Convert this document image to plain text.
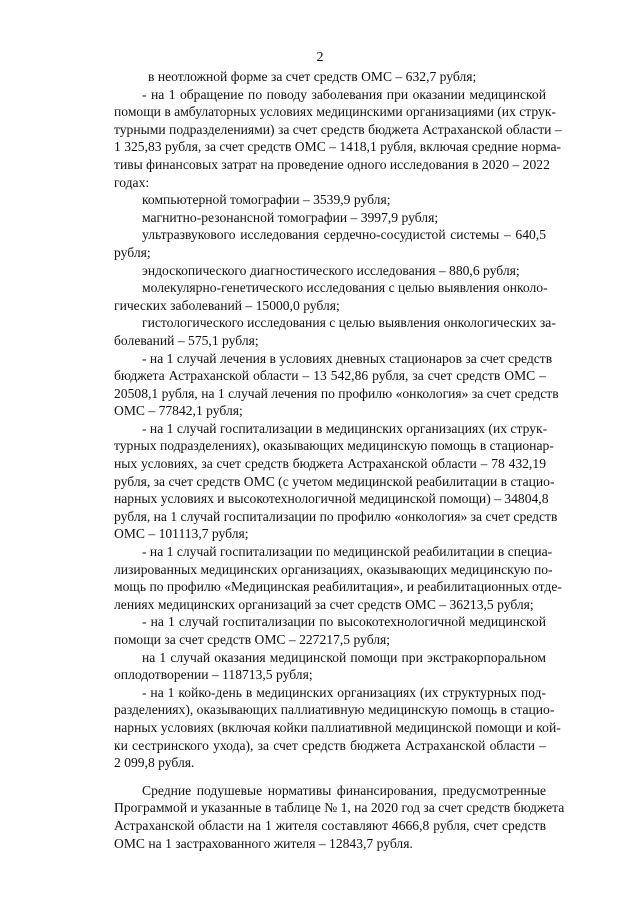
2
в неотложной форме за счет средств ОМС – 632,7 рубля;
- на 1 обращение по поводу заболевания при оказании медицинской
помощи в амбулаторных условиях медицинскими организациями (их струк-
турными подразделениями) за счет средств бюджета Астраханской области –
1 325,83 рубля, за счет средств ОМС – 1418,1 рубля, включая средние норма-
тивы финансовых затрат на проведение одного исследования в 2020 – 2022
годах:
компьютерной томографии – 3539,9 рубля;
магнитно-резонансной томографии – 3997,9 рубля;
ультразвукового исследования сердечно-сосудистой системы – 640,5
рубля;
эндоскопического диагностического исследования – 880,6 рубля;
молекулярно-генетического исследования с целью выявления онколо-
гических заболеваний – 15000,0 рубля;
гистологического исследования с целью выявления онкологических за-
болеваний – 575,1 рубля;
- на 1 случай лечения в условиях дневных стационаров за счет средств
бюджета Астраханской области – 13 542,86 рубля, за счет средств ОМС –
20508,1 рубля, на 1 случай лечения по профилю «онкология» за счет средств
ОМС – 77842,1 рубля;
- на 1 случай госпитализации в медицинских организациях (их струк-
турных подразделениях), оказывающих медицинскую помощь в стационар-
ных условиях, за счет средств бюджета Астраханской области – 78 432,19
рубля, за счет средств ОМС (с учетом медицинской реабилитации в стацио-
нарных условиях и высокотехнологичной медицинской помощи) – 34804,8
рубля, на 1 случай госпитализации по профилю «онкология» за счет средств
ОМС – 101113,7 рубля;
- на 1 случай госпитализации по медицинской реабилитации в специа-
лизированных медицинских организациях, оказывающих медицинскую по-
мощь по профилю «Медицинская реабилитация», и реабилитационных отде-
лениях медицинских организаций за счет средств ОМС – 36213,5 рубля;
- на 1 случай госпитализации по высокотехнологичной медицинской
помощи за счет средств ОМС – 227217,5 рубля;
на 1 случай оказания медицинской помощи при экстракорпоральном
оплодотворении – 118713,5 рубля;
- на 1 койко-день в медицинских организациях (их структурных под-
разделениях), оказывающих паллиативную медицинскую помощь в стацио-
нарных условиях (включая койки паллиативной медицинской помощи и кой-
ки сестринского ухода), за счет средств бюджета Астраханской области –
2 099,8 рубля.
Средние подушевые нормативы финансирования, предусмотренные
Программой и указанные в таблице № 1, на 2020 год за счет средств бюджета
Астраханской области на 1 жителя составляют 4666,8 рубля, счет средств
ОМС на 1 застрахованного жителя – 12843,7 рубля.
